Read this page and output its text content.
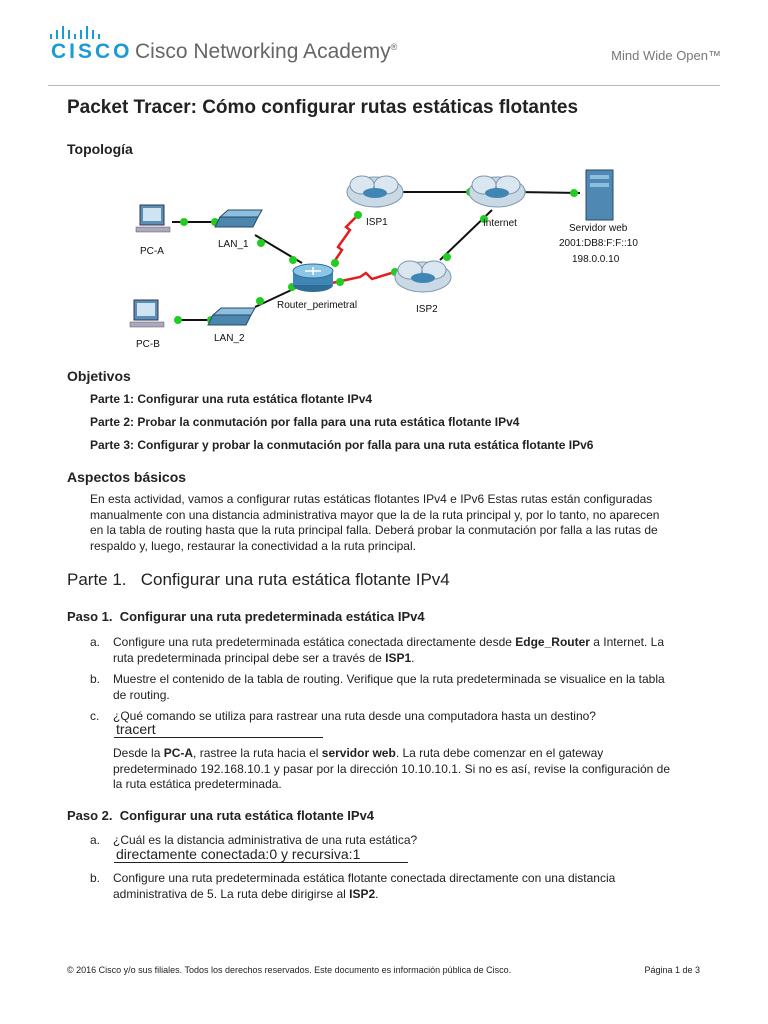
CISCO Cisco Networking Academy®
Mind Wide Open™
Packet Tracer: Cómo configurar rutas estáticas flotantes
Topología
PC-A
PC-B
LAN_1
LAN_2
Router_perimetral
ISP1
ISP2
Internet	Servidor web
2001:DB8:F:F::10
198.0.0.10
Objetivos
Parte 1: Configurar una ruta estática flotante IPv4
Parte 2: Probar la conmutación por falla para una ruta estática flotante IPv4
Parte 3: Configurar y probar la conmutación por falla para una ruta estática flotante IPv6
Aspectos básicos
En esta actividad, vamos a configurar rutas estáticas flotantes IPv4 e IPv6 Estas rutas están configuradas
manualmente con una distancia administrativa mayor que la de la ruta principal y, por lo tanto, no aparecen
en la tabla de routing hasta que la ruta principal falla. Deberá probar la conmutación por falla a las rutas de
respaldo y, luego, restaurar la conectividad a la ruta principal.
Parte 1. Configurar una ruta estática flotante IPv4
Paso 1. Configurar una ruta predeterminada estática IPv4
a. Configure una ruta predeterminada estática conectada directamente desde Edge_Router a Internet. La
ruta predeterminada principal debe ser a través de ISP1.
b. Muestre el contenido de la tabla de routing. Verifique que la ruta predeterminada se visualice en la tabla
de routing.
c. ¿Qué comando se utiliza para rastrear una ruta desde una computadora hasta un destino?
tracert
Desde la PC-A, rastree la ruta hacia el servidor web. La ruta debe comenzar en el gateway
predeterminado 192.168.10.1 y pasar por la dirección 10.10.10.1. Si no es así, revise la configuración de
la ruta estática predeterminada.
Paso 2. Configurar una ruta estática flotante IPv4
a. ¿Cuál es la distancia administrativa de una ruta estática?
directamente conectada:0 y recursiva:1
b. Configure una ruta predeterminada estática flotante conectada directamente con una distancia
administrativa de 5. La ruta debe dirigirse al ISP2.
© 2016 Cisco y/o sus filiales. Todos los derechos reservados. Este documento es información pública de Cisco.	Página 1 de 3
